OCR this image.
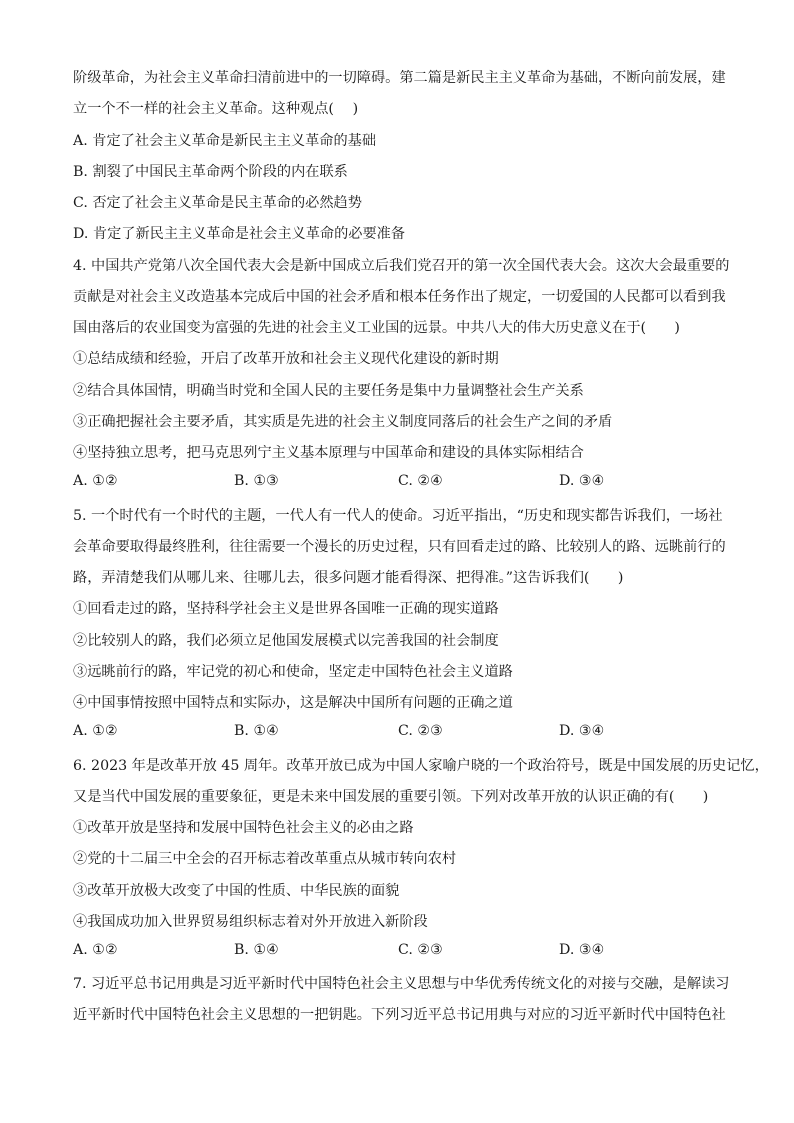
阶级革命，为社会主义革命扫清前进中的一切障碍。第二篇是新民主主义革命为基础，不断向前发展，建
立一个不一样的社会主义革命。这种观点(　 )
A. 肯定了社会主义革命是新民主主义革命的基础
B. 割裂了中国民主革命两个阶段的内在联系
C. 否定了社会主义革命是民主革命的必然趋势
D. 肯定了新民主主义革命是社会主义革命的必要准备
4. 中国共产党第八次全国代表大会是新中国成立后我们党召开的第一次全国代表大会。这次大会最重要的
贡献是对社会主义改造基本完成后中国的社会矛盾和根本任务作出了规定，一切爱国的人民都可以看到我
国由落后的农业国变为富强的先进的社会主义工业国的远景。中共八大的伟大历史意义在于(　　)
①总结成绩和经验，开启了改革开放和社会主义现代化建设的新时期
②结合具体国情，明确当时党和全国人民的主要任务是集中力量调整社会生产关系
③正确把握社会主要矛盾，其实质是先进的社会主义制度同落后的社会生产之间的矛盾
④坚持独立思考，把马克思列宁主义基本原理与中国革命和建设的具体实际相结合
A. ①②	B. ①③	C. ②④	D. ③④
5. 一个时代有一个时代的主题，一代人有一代人的使命。习近平指出，“历史和现实都告诉我们，一场社
会革命要取得最终胜利，往往需要一个漫长的历史过程，只有回看走过的路、比较别人的路、远眺前行的
路，弄清楚我们从哪儿来、往哪儿去，很多问题才能看得深、把得准。”这告诉我们(　　)
①回看走过的路，坚持科学社会主义是世界各国唯一正确的现实道路
②比较别人的路，我们必须立足他国发展模式以完善我国的社会制度
③远眺前行的路，牢记党的初心和使命，坚定走中国特色社会主义道路
④中国事情按照中国特点和实际办，这是解决中国所有问题的正确之道
A. ①②	B. ①④	C. ②③	D. ③④
6. 2023 年是改革开放 45 周年。改革开放已成为中国人家喻户晓的一个政治符号，既是中国发展的历史记忆，
又是当代中国发展的重要象征，更是未来中国发展的重要引领。下列对改革开放的认识正确的有(　　)
①改革开放是坚持和发展中国特色社会主义的必由之路
②党的十二届三中全会的召开标志着改革重点从城市转向农村
③改革开放极大改变了中国的性质、中华民族的面貌
④我国成功加入世界贸易组织标志着对外开放进入新阶段
A. ①②	B. ①④	C. ②③	D. ③④
7. 习近平总书记用典是习近平新时代中国特色社会主义思想与中华优秀传统文化的对接与交融，是解读习
近平新时代中国特色社会主义思想的一把钥匙。下列习近平总书记用典与对应的习近平新时代中国特色社
